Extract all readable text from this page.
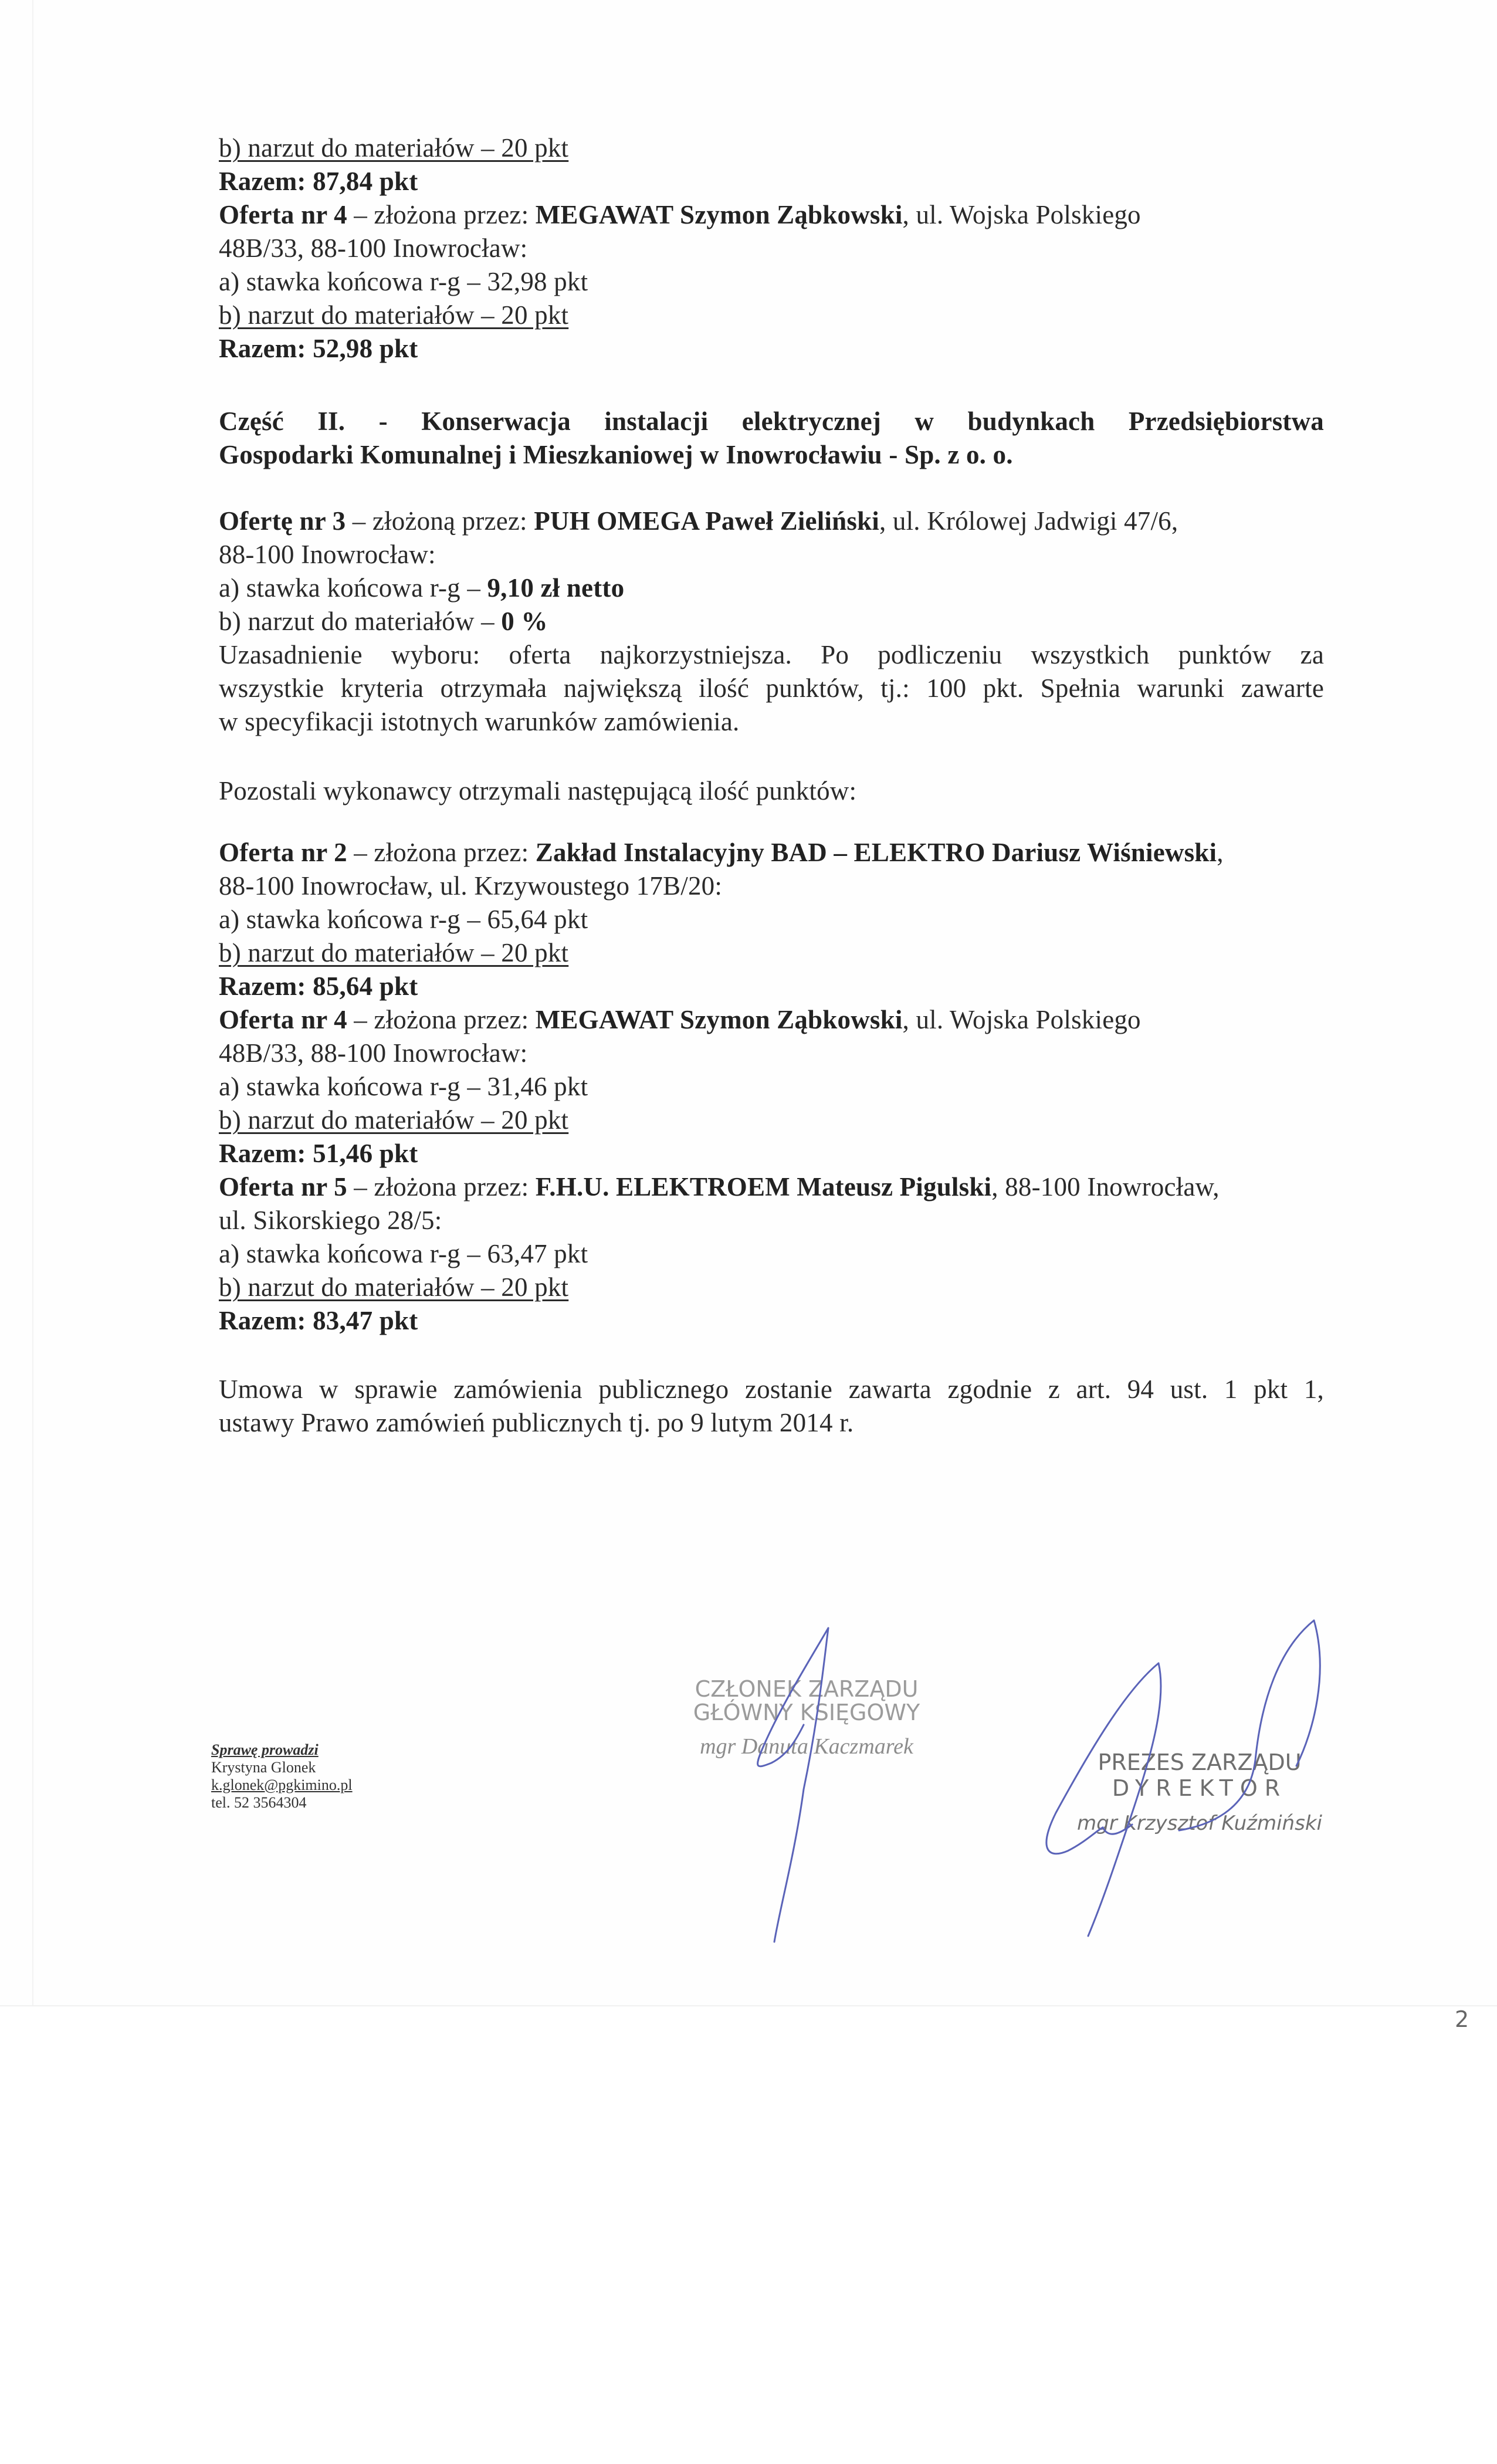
b) narzut do materiałów – 20 pkt
Razem: 87,84 pkt
Oferta nr 4 – złożona przez: MEGAWAT Szymon Ząbkowski, ul. Wojska Polskiego
48B/33, 88-100 Inowrocław:
a) stawka końcowa r-g – 32,98 pkt
b) narzut do materiałów – 20 pkt
Razem: 52,98 pkt
Część II. - Konserwacja instalacji elektrycznej w budynkach Przedsiębiorstwa
Gospodarki Komunalnej i Mieszkaniowej w Inowrocławiu - Sp. z o. o.
Ofertę nr 3 – złożoną przez: PUH OMEGA Paweł Zieliński, ul. Królowej Jadwigi 47/6,
88-100 Inowrocław:
a) stawka końcowa r-g – 9,10 zł netto
b) narzut do materiałów – 0 %
Uzasadnienie wyboru: oferta najkorzystniejsza. Po podliczeniu wszystkich punktów za
wszystkie kryteria otrzymała największą ilość punktów, tj.: 100 pkt. Spełnia warunki zawarte
w specyfikacji istotnych warunków zamówienia.
Pozostali wykonawcy otrzymali następującą ilość punktów:
Oferta nr 2 – złożona przez: Zakład Instalacyjny BAD – ELEKTRO Dariusz Wiśniewski,
88-100 Inowrocław, ul. Krzywoustego 17B/20:
a) stawka końcowa r-g – 65,64 pkt
b) narzut do materiałów – 20 pkt
Razem: 85,64 pkt
Oferta nr 4 – złożona przez: MEGAWAT Szymon Ząbkowski, ul. Wojska Polskiego
48B/33, 88-100 Inowrocław:
a) stawka końcowa r-g – 31,46 pkt
b) narzut do materiałów – 20 pkt
Razem: 51,46 pkt
Oferta nr 5 – złożona przez: F.H.U. ELEKTROEM Mateusz Pigulski, 88-100 Inowrocław,
ul. Sikorskiego 28/5:
a) stawka końcowa r-g – 63,47 pkt
b) narzut do materiałów – 20 pkt
Razem: 83,47 pkt
Umowa w sprawie zamówienia publicznego zostanie zawarta zgodnie z art. 94 ust. 1 pkt 1,
ustawy Prawo zamówień publicznych tj. po 9 lutym 2014 r.
Sprawę prowadzi
Krystyna Glonek
k.glonek@pgkimino.pl
tel. 52 3564304
CZŁONEK ZARZĄDU
GŁÓWNY KSIĘGOWY
mgr Danuta Kaczmarek
PREZES ZARZĄDU
DYREKTOR
mgr Krzysztof Kuźmiński
2
